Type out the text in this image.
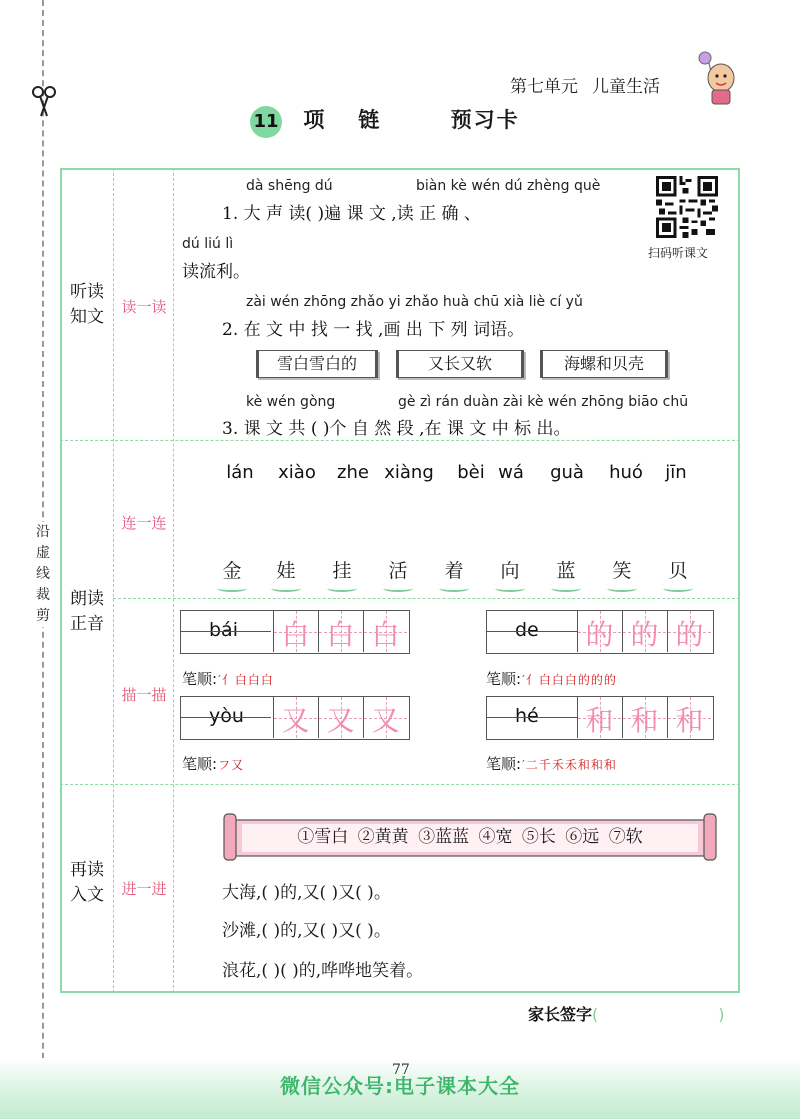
沿
虚
线
裁
剪
第七单元 儿童生活
11 项链 预习卡
听读知文
朗读正音
再读入文
读一读
连一连
描一描
进一进
扫码听课文
dà shēng dú	biàn kè wén dú zhèng què
1. 大 声 读( )遍 课 文 ,读 正 确 、
dú liú lì
读流利。
zài wén zhōng zhǎo yi zhǎo huà chū xià liè cí yǔ
2. 在 文 中 找 一 找 ,画 出 下 列 词语。
雪白雪白的	又长又软	海螺和贝壳
kè wén gòng	gè zì rán duàn zài kè wén zhōng biāo chū
3. 课 文 共 ( )个 自 然 段 ,在 课 文 中 标 出。
lán	xiào	zhe xiàng	bèi wá	guà	huó	jīn
金	娃	挂	活	着	向	蓝	笑	贝
bái 白 白 白	de 的 的 的
笔顺:′亻白白白	笔顺:′亻白白白的的的
yòu 又 又 又	hé 和 和 和
笔顺:フ又	笔顺:′二千禾禾和和和
①雪白 ②黄黄 ③蓝蓝 ④宽 ⑤长 ⑥远 ⑦软
大海,( )的,又( )又( )。
沙滩,( )的,又( )又( )。
浪花,( )( )的,哗哗地笑着。
家长签字(	)
微信公众号:电子课本大全
77
